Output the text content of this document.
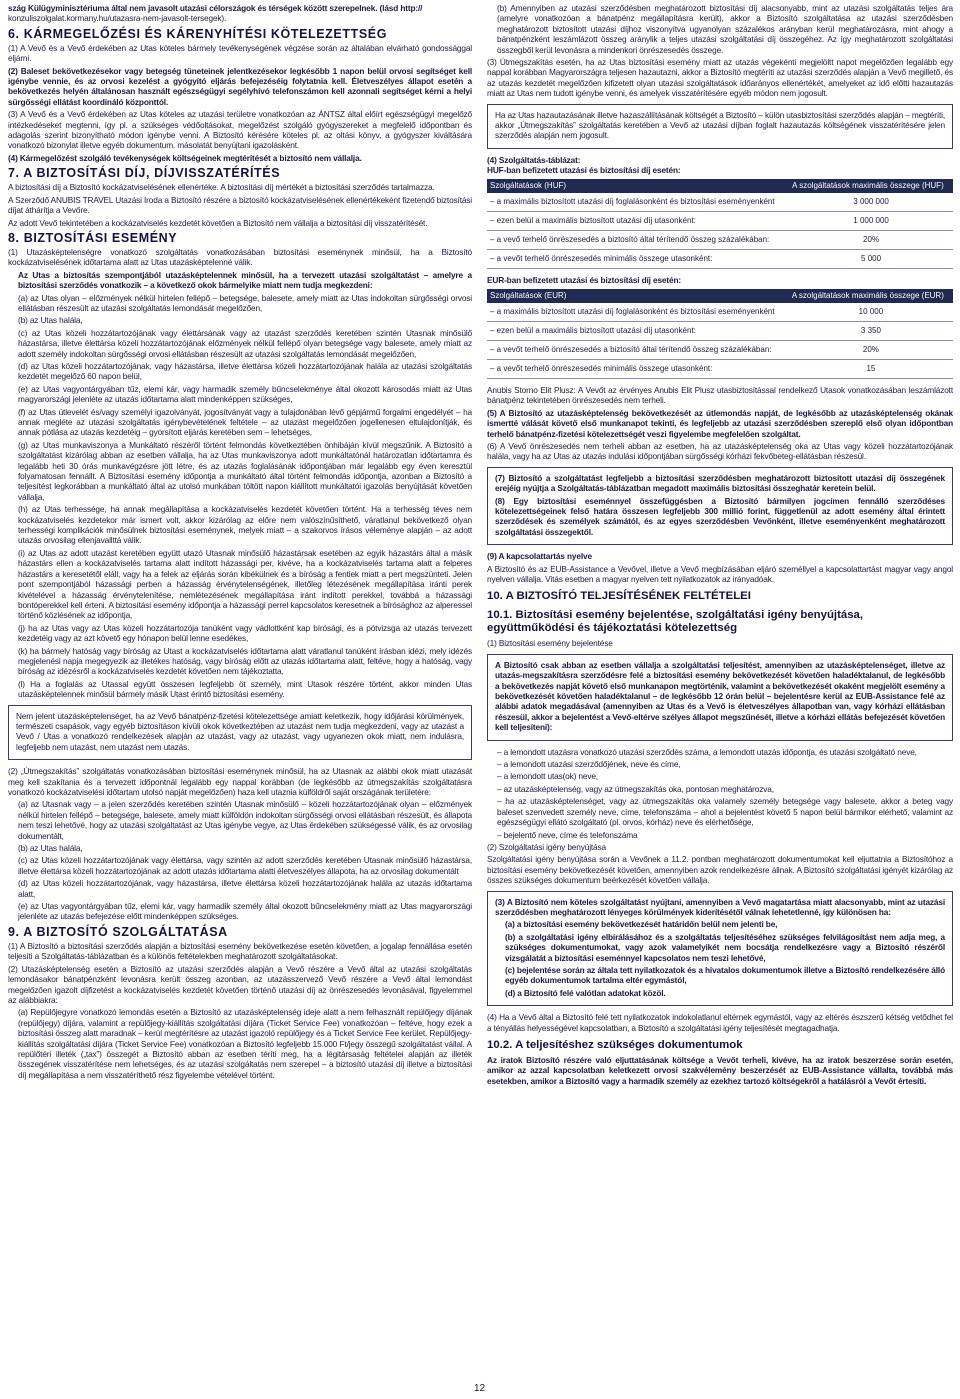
szág Külügyminisztériuma által nem javasolt utazási célországok és térségek között szerepelnek. (lásd http://
konzuliszolgalat.kormany.hu/utazasra-nem-javasolt-tersegek).

6. KÁRMEGELŐZÉSI ÉS KÁRENYHÍTÉSI KÖTELEZETTSÉG

(1) A Vevő és a Vevő érdekében az Utas köteles bármely tevékenységének végzése során az általában elvárható gondossággal eljárni.

(2) Baleset bekövetkezésekor vagy betegség tüneteinek jelentkezésekor legkésőbb 1 napon belül orvosi segítséget kell igénybe vennie, és az orvosi kezelést a gyógyító eljárás befejezéséig folytatnia kell. Életveszélyes állapot esetén a bekövetkezés helyén általánosan használt egészségügyi segélyhívó telefonszámon kell azonnali segítséget kérni a helyi sürgősségi ellátást koordináló központtól.

(3) A Vevő és a Vevő érdekében az Utas köteles az utazási területre vonatkozóan az ÁNTSZ által előírt egészségügyi megelőző intézkedéseket megtenni, így pl. a szükséges védőoltásokat, megelőzést szolgáló gyógyszereket a megfelelő időpontban és adagolás szerint bizonyítható módon igénybe venni. A Biztosító kérésére köteles pl. az oltási könyv, a gyógyszer kiváltására vonatkozó bizonylat illetve egyéb dokumentum. másolatát benyújtani igazolásként.

(4) Kármegelőzést szolgáló tevékenységek költségeinek megtérítését a biztosító nem vállalja.

7. A BIZTOSÍTÁSI DÍJ, DÍJVISSZATÉRÍTÉS

A biztosítási díj a Biztosító kockázatviselésének ellenértéke. A biztosítási díj mértékét a biztosítási szerződés tartalmazza.

A Szerződő ANUBIS TRAVEL Utazási Iroda a Biztosító részére a biztosító kockázatviselésének ellenértékeként fizetendő biztosítási díjat áthárítja a Vevőre.

Az adott Vevő tekintetében a kockázatviselés kezdetét követően a Biztosító nem vállalja a biztosítási díj visszatérítését.

8. BIZTOSÍTÁSI ESEMÉNY

(1) Utazásképtelenségre vonatkozó szolgáltatás vonatkozásában biztosítási eseménynek minősül, ha a Biztosító kockázatviselésének időtartama alatt az Utas utazásképtelenné válik.

Az Utas a biztosítás szempontjából utazásképtelennek minősül, ha a tervezett utazási szolgáltatást – amelyre a biztosítási szerződés vonatkozik – a következő okok bármelyike miatt nem tudja megkezdeni:

(a) az Utas olyan – előzmények nélkül hirtelen fellépő – betegsége, balesete, amely miatt az Utas indokoltan sürgősségi orvosi ellátásban részesült az utazási szolgáltatás lemondását megelőzően,

(b) az Utas halála,

(c) az Utas közeli hozzátartozójának vagy élettársának vagy az utazást szerződés keretében szintén Utasnak minősülő házastársa, illetve élettársa közeli hozzátartozójának előzmények nélkül fellépő olyan betegsége vagy balesete, amely miatt az adott személy indokoltan sürgősségi orvosi ellátásban részesült az utazási szolgáltatás lemondását megelőzően,

(d) az Utas közeli hozzátartozójának, vagy házastársa, illetve élettársa közeli hozzátartozójának halála az utazási szolgáltatás kezdetét megelőző 60 napon belül,

(e) az Utas vagyontárgyában tűz, elemi kár, vagy harmadik személy bűncselekménye által okozott károsodás miatt az Utas magyarországi jelenléte az utazás időtartama alatt mindenképpen szükséges,

(f) az Utas útlevelét és/vagy személyi igazolványát, jogosítványát vagy a tulajdonában lévő gépjármű forgalmi engedélyét – ha annak megléte az utazási szolgáltatás igénybevételének feltétele – az utazást megelőzően jogellenesen eltulajdonítják, és annak pótlása az utazás kezdetéig – gyorsított eljárás keretében sem – lehetséges,

(g) az Utas munkaviszonya a Munkáltató részéről történt felmondás következtében önhibáján kívül megszűnik. A Biztosító a szolgáltatást kizárólag abban az esetben vállalja, ha az Utas munkaviszonya adott munkáltatónál határozatlan időtartamra és legalább heti 30 órás munkavégzésre jött létre, és az utazás foglalásának időpontjában már legalább egy éven keresztül folyamatosan fennállt. A Biztosítási esemény időpontja a munkáltató által történt felmondás időpontja, azonban a Biztosító a teljesítést legkorábban a munkáltató által az utolsó munkában töltött napon kiállított munkáltatói igazolás benyújtását követően vállalja,

(h) az Utas terhessége, ha annak megállapítása a kockázatviselés kezdetét követően történt. Ha a terhesség téves nem kockázatviselés kezdetekor már ismert volt, akkor kizárólag az előre nem valószínűsíthető, váratlanul bekövetkező olyan terhességi komplikációk minősülnek biztosítási eseménynek, melyek miatt – a szakorvos írásos véleménye alapján – az adott utazás orvosilag ellenjavallttá válik.

(i) az Utas az adott utazást keretében együtt utazó Utasnak minősülő házastársak esetében az egyik házastárs által a másik házastárs ellen a kockázatviselés tartama alatt indított házassági per, kivéve, ha a kockázatviselés tartama alatt a felperes házastárs a keresetétől eláll, vagy ha a felek az eljárás során kibékülnek és a bíróság a fentiek miatt a pert megszünteti. Jelen pont szempontjából házassági perben a házasság érvénytelenségének, illetőleg létezésének megállapítása iránti perek kivételével a házasság érvénytelenítése, nemlétezésének megállapítása iránt indított perekkel, továbbá a házassági bontóperekkel kell érteni. A biztosítási esemény időpontja a házassági perrel kapcsolatos keresetnek a bírósághoz az alperessel történő közlésének az időpontja,

(j) ha az Utas vagy az Utas közeli hozzátartozója tanúként vagy vádlottként kap bírósági, és a pótvizsga az utazás tervezett kezdetéig vagy az azt követő egy hónapon belül lenne esedékes,

(k) ha bármely hatóság vagy bíróság az Utast a kockázatviselés időtartama alatt váratlanul tanúként írásban idézi, mely idézés megjelenési napja megegyezik az illetékes hatóság, vagy bíróság előtt az utazás időtartama alatt, feltéve, hogy a hatóság, vagy bíróság az idézésről a kockázatviselés kezdetét követően nem tájékoztatta,

(l) Ha a foglalás az Utassal együtt összesen legfeljebb öt személy, mint Utasok részére történt, akkor minden Utas utazásképtelennek minősül bármely másik Utast érintő biztosítási esemény.

Nem jelent utazásképtelenséget, ha az Vevő bánatpénz-fizetési kötelezettsége amiatt keletkezik, hogy időjárási körülmények, természeti csapások, vagy egyéb biztosításon kívüli okok következtében az utazást nem tudja megkezdeni, vagy az utazást a Vevő / Utas a vonatkozó rendelkezések alapján az utazást, vagy az utazást, vagy ugyanezen okok miatt, nem indulásra, legfeljebb nem utazást, nem utazást nem utazás.

(2) „Útmegszakítás” szolgáltatás vonatkozásában biztosítási eseménynek minősül, ha az Utasnak az alábbi okok miatt utazását meg kell szakítania és a tervezett időpontnál legalább egy nappal korábban (de legkésőbb az útmegszakítás szolgáltatásra vonatkozó kockázatviselési időtartam utolsó napját megelőzően) haza kell utaznia külföldről saját országának területére:

(a) az Utasnak vagy – a jelen szerződés keretében szintén Utasnak minősülő – közeli hozzátartozójának olyan – előzmények nélkül hirtelen fellépő – betegsége, balesete, amely miatt külföldön indokoltan sürgősségi orvosi ellátásban részesült, és állapota nem teszi lehetővé, hogy az utazási szolgáltatást az Utas igénybe vegye, az Utas érdekében szükségessé válik, és az orvosilag dokumentált,

(b) az Utas halála,

(c) az Utas közeli hozzátartozójának vagy élettársa, vagy szintén az adott szerződés keretében Utasnak minősülő házastársa, illetve élettársa közeli hozzátartozójának az adott utazás időtartama alatti életveszélyes állapota, ha az orvosilag dokumentált

(d) az Utas közeli hozzátartozójának, vagy házastársa, illetve élettársa közeli hozzátartozójának halála az utazás időtartama alatt,

(e) az Utas vagyontárgyában tűz, elemi kár, vagy harmadik személy által okozott bűncselekmény miatt az Utas magyarországi jelenléte az utazás befejezése előtt mindenképpen szükséges.

9. A BIZTOSÍTÓ SZOLGÁLTATÁSA

(1) A Biztosító a biztosítási szerződés alapján a biztosítási esemény bekövetkezése esetén követően, a jogalap fennállása esetén teljesíti a Szolgáltatás-táblázatban és a különös feltételekben meghatározott szolgáltatásokat.

(2) Utazásképtelenség esetén a Biztosító az utazási szerződés alapján a Vevő részére a Vevő által az utazási szolgáltatás lemondásakor bánatpénzként levonásra került összeg azonban, az utazásszervező Vevő részére a Vevő által lemondást megelőzően igazolt díjfizetést a kockázatviselés kezdetét követően történő utazási díj az önrészesedés levonásával, figyelemmel az alábbiakra:

(a) Repülőjegyre vonatkozó lemondás esetén a Biztosító az utazásképtelenség ideje alatt a nem felhasznált repülőjegy díjának (repülőjegy) díjára, valamint a repülőjegy-kiállítás szolgáltatási díjára (Ticket Service Fee) vonatkozóan – feltéve, hogy ezek a biztosítási összeg alatt maradnak – kerül megtérítésre az utazást igazoló repülőjegy és a Ticket Service Fee kerület. Repülőjegy-kiállítás szolgáltatási díjára (Ticket Service Fee) vonatkozóan a Biztosító legfeljebb 15.000 Ft/jegy összegű szolgáltatást vállal. A repülőtéri illeték („tax”) összegét a Biztosító abban az esetben téríti meg, ha a légitársaság feltételei alapján az illeték összegének visszatérítése nem lehetséges, és az utazási szolgáltatás nem szerepel – a biztosító utazási díj illetve a biztosítási díj megállapítása a nem visszatéríthető rész figyelembe vételével történt.

(b) Amennyiben az utazási szerződésben meghatározott biztosítási díj alacsonyabb, mint az utazási szolgáltatás teljes ára (amelyre vonatkozóan a bánatpénz megállapításra került), akkor a Biztosító szolgáltatása az utazási szerződésben meghatározott biztosított utazási díjhoz viszonyítva ugyanolyan százalékos arányban kerül meghatározásra, mint ahogy a bánatpénzként leszámlázott összeg aránylik a teljes utazási szolgáltatási díj összegéhez. Az így meghatározott szolgáltatási összegből kerül levonásra a mindenkori önrészesedés összege.

(3) Útmegszakítás esetén, ha az Utas biztosítási esemény miatt az utazás végekénti megjelöltt napot megelőzően legalább egy nappal korábban Magyarországra teljesen hazautazni, akkor a Biztosító megtéríti az utazási szerződés alapján a Vevő megillető, és az utazás kezdetét megelőzően kifizetett olyan utazási szolgáltatások időarányos ellenértékét, amelyeket az idő előtti hazautazás miatt az Utas nem tudott igénybe venni, és amelyek visszatérítésére egyéb módon nem jogosult.

Ha az Utas hazautazásának illetve hazaszállításának költségét a Biztosító – külön utasbiztosítási szerződés alapján – megtéríti, akkor „Útmegszakítás” szolgáltatás keretében a Vevő az utazási díjban foglalt hazautazás költségének visszatérítésére jelen szerződés alapján nem jogosult.

(4) Szolgáltatás-táblázat:
HUF-ban befizetett utazási és biztosítási díj esetén:

Szolgáltatások (HUF)	A szolgáltatások maximális összege (HUF)
– a maximális biztosított utazási díj foglalásonként és biztosítási eseményenként	3 000 000
– ezen belül a maximális biztosított utazási díj utasonként:	1 000 000
– a vevő terhelő önrészesedés a biztosító által térítendő összeg százalékában:	20%
– a vevőt terhelő önrészesedés minimális összege utasonként:	5 000

EUR-ban befizetett utazási és biztosítási díj esetén:

Szolgáltatások (EUR)	A szolgáltatások maximális összege (EUR)
– a maximális biztosított utazási díj foglalásonként és biztosítási eseményenként	10 000
– ezen belül a maximális biztosított utazási díj utasonként:	3 350
– a vevőt terhelő önrészesedés a biztosító által térítendő összeg százalékában:	20%
– a vevőt terhelő önrészesedés minimális összege utasonként:	15

Anubis Storno Elit Plusz: A Vevőt az érvényes Anubis Elit Plusz utasbiztosítással rendelkező Utasok vonatkozásában leszámlázott bánatpénz tekintetében önrészesedés nem terheli.

(5) A Biztosító az utazásképtelenség bekövetkezését az útlemondás napját, de legkésőbb az utazásképtelenség okának ismertté válását követő első munkanapot tekinti, és legfeljebb az utazási szerződésben szereplő első olyan időpontban terhelő bánatpénz-fizetési kötelezettségét veszi figyelembe megfelelően szolgáltat.

(6) A Vevő önrészesedés nem terheli abban az esetben, ha az utazásképtelenség oka az Utas vagy közeli hozzátartozójának halála, vagy ha az Utas az utazás indulási időpontjában sürgősségi kórházi fekvőbeteg-ellátásban részesül.

(7) Biztosító a szolgáltatást legfeljebb a biztosítási szerződésben meghatározott biztosított utazási díj összegének erejéig nyújtja a Szolgáltatás-táblázatban megadott maximális biztosítási összeghatár keretein belül.

(8) Egy biztosítási eseménnyel összefüggésben a Biztosító bármilyen jogcímen fennálló szerződéses kötelezettségeinek felső határa összesen legfeljebb 300 millió forint, függetlenül az adott esemény által érintett szerződések és személyek számától, és az egyes szerződésben Vevőnként, illetve eseményenként meghatározott szolgáltatási összegektől.

(9) A kapcsolattartás nyelve

A Biztosító és az EUB-Assistance a Vevővel, illetve a Vevő megbízásában eljáró személlyel a kapcsolattartást magyar vagy angol nyelven vállalja. Vitás esetben a magyar nyelven tett nyilatkozatok az irányadóak.

10. A BIZTOSÍTÓ TELJESÍTÉSÉNEK FELTÉTELEI
10.1. Biztosítási esemény bejelentése, szolgáltatási igény benyújtása, együttműködési és tájékoztatási kötelezettség

(1) Biztosítási esemény bejelentése

A Biztosító csak abban az esetben vállalja a szolgáltatási teljesítést, amennyiben az utazásképtelenséget, illetve az utazás-megszakításra szerződésre felé a biztosítási esemény bekövetkezését követően haladéktalanul, de legkésőbb a bekövetkezés napját követő első munkanapon megtörténik, valamint a bekövetkezését okaként megjelölt esemény a bekövetkezését követően haladéktalanul – de legkésőbb 12 órán belül – bejelentésre kerül az EUB-Assistance felé az alábbi adatok megadásával (amennyiben az Utas és a Vevő is életveszélyes állapotban van, vagy kórházi ellátásban részesül, akkor a bejelentést a Vevő-eltérve szélyes állapot megszűnését, illetve a kórházi ellátás befejezését követően kell teljesíteni):

– a lemondott utazásra vonatkozó utazási szerződés száma, a lemondott utazás időpontja, és utazási szolgáltató neve,

– a lemondott utazási szerződőjének, neve és címe,

– a lemondott utas(ok) neve,

– az utazásképtelenség, vagy az útmegszakítás oka, pontosan meghatározva,

– ha az utazásképtelenséget, vagy az útmegszakítás oka valamely személy betegsége vagy balesete, akkor a beteg vagy baleset szenvedett személy neve, címe, telefonszáma – ahol a bejelentést követő 5 napon belül bármikor elérhető, valamint az egészségügyi ellátó szolgáltató (pl. orvos, kórház) neve és elérhetősége,

– bejelentő neve, címe és telefonszáma

(2) Szolgáltatási igény benyújtása

Szolgáltatási igény benyújtása során a Vevőnek a 11.2. pontban meghatározott dokumentumokat kell eljuttatnia a Biztosítóhoz a biztosítási esemény bekövetkezését követően, amennyiben azok rendelkezésre állnak. A Biztosító szolgáltatási igényét kizárólag az összes szükséges dokumentum beérkezését követően vállalja.

(3) A Biztosító nem köteles szolgáltatást nyújtani, amennyiben a Vevő magatartása miatt alacsonyabb, mint az utazási szerződésben meghatározott lényeges körülmények kiderítésétől válnak lehetetlenné, így különösen ha:

(a) a biztosítási esemény bekövetkezését határidőn belül nem jelenti be,

(b) a szolgáltatási igény elbírálásához és a szolgáltatás teljesítéséhez szükséges felvilágosítást nem adja meg, a szükséges dokumentumokat, vagy azok valamelyikét nem bocsátja rendelkezésre vagy a Biztosító részéről vizsgálatát a biztosítási eseménnyel kapcsolatos nem teszi lehetővé,

(c) bejelentése során az általa tett nyilatkozatok és a hivatalos dokumentumok illetve a Biztosító rendelkezésére álló egyéb dokumentumok tartalma eltér egymástól,

(d) a Biztosító felé valótlan adatokat közöl.

(4) Ha a Vevő által a Biztosító felé tett nyilatkozatok indokolatlanul eltérnek egymástól, vagy az eltérés észszerű kétség vetődhet fel a tényállás helyességével kapcsolatban, a Biztosító a szolgáltatási igény teljesítését megtagadhatja.

10.2. A teljesítéshez szükséges dokumentumok

Az iratok Biztosító részére való eljuttatásának költsége a Vevőt terheli, kivéve, ha az iratok beszerzése során esetén, amikor az azzal kapcsolatban keletkezett orvosi szakvélemény beszerzését az EUB-Assistance vállalta, továbbá más esetekben, amikor a Biztosító vagy a harmadik személy az ezekhez tartozó költségekről a hatálásról a Vevőt értesíti.

12
